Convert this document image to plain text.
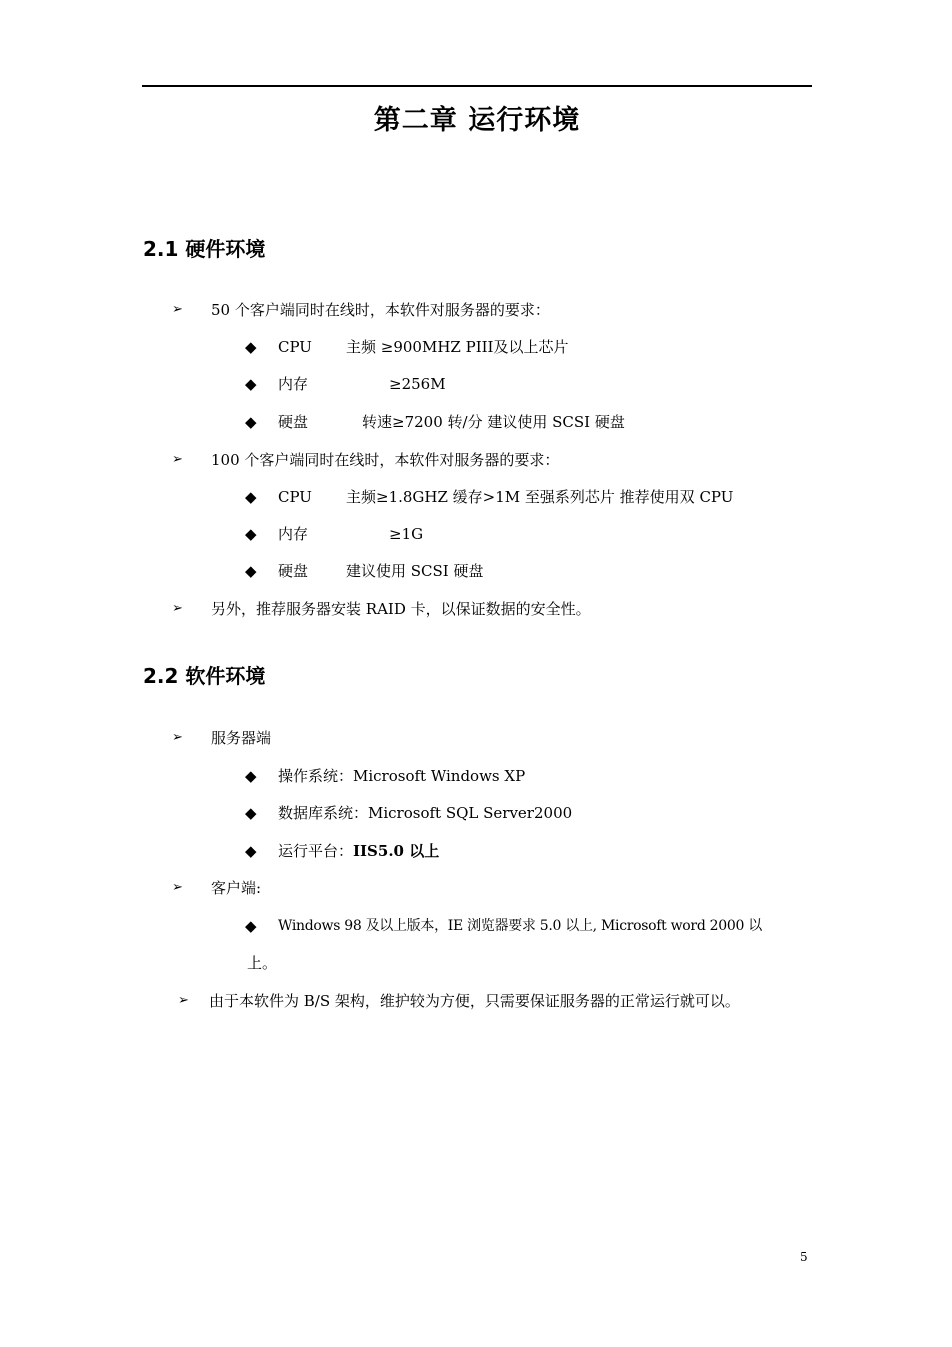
第二章 运行环境
2.1 硬件环境
➢	50 个客户端同时在线时，本软件对服务器的要求：
◆ CPU 主频 ≥900MHZ PIII及以上芯片
◆ 内存	≥256M
◆ 硬盘	转速≥7200 转/分 建议使用 SCSI 硬盘
➢	100 个客户端同时在线时，本软件对服务器的要求：
◆ CPU 主频≥1.8GHZ 缓存>1M 至强系列芯片 推荐使用双 CPU
◆ 内存	≥1G
◆ 硬盘	建议使用 SCSI 硬盘
➢	另外，推荐服务器安装 RAID 卡，以保证数据的安全性。
2.2 软件环境
➢	服务器端
◆ 操作系统：Microsoft Windows XP
◆ 数据库系统：Microsoft SQL Server2000
◆ 运行平台：IIS5.0 以上
➢	客户端:
◆ Windows 98 及以上版本，IE 浏览器要求 5.0 以上, Microsoft word 2000 以
上。
➢	由于本软件为 B/S 架构，维护较为方便，只需要保证服务器的正常运行就可以。
5
